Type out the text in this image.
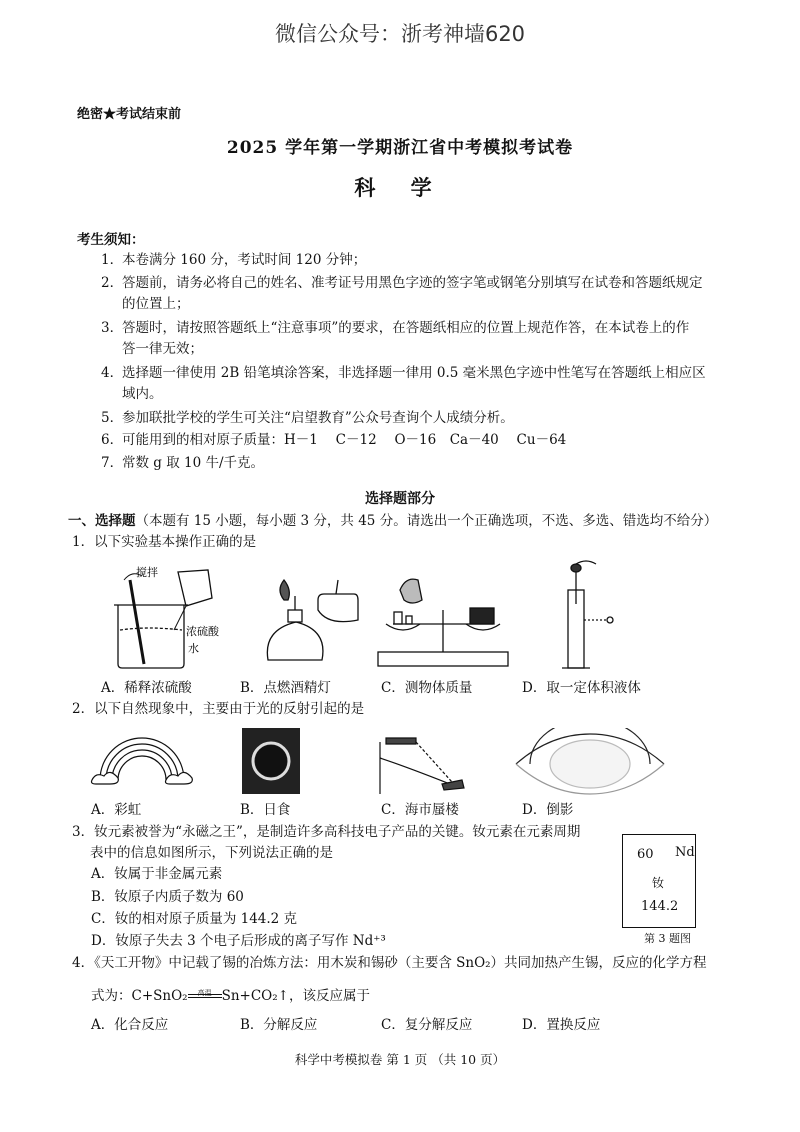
微信公众号：浙考神墙620
绝密★考试结束前
2025 学年第一学期浙江省中考模拟考试卷
科 学
考生须知：
1．
本卷满分 160 分，考试时间 120 分钟；
2．
答题前，请务必将自己的姓名、准考证号用黑色字迹的签字笔或钢笔分别填写在试卷和答题纸规定
的位置上；
3．
答题时，请按照答题纸上“注意事项”的要求，在答题纸相应的位置上规范作答，在本试卷上的作
答一律无效；
4．
选择题一律使用 2B 铅笔填涂答案，非选择题一律用 0.5 毫米黑色字迹中性笔写在答题纸上相应区
域内。
5．
参加联批学校的学生可关注“启望教育”公众号查询个人成绩分析。
6．
可能用到的相对原子质量：H－1　 C－12　 O－16　Ca－40　 Cu－64
7．
常数 g 取 10 牛/千克。
选择题部分
一、选择题（本题有 15 小题，每小题 3 分，共 45 分。请选出一个正确选项，不选、多选、错选均不给分）
1．以下实验基本操作正确的是
搅拌
浓硫酸
水
A．稀释浓硫酸	B．点燃酒精灯	C．测物体质量	D．取一定体积液体
2．以下自然现象中，主要由于光的反射引起的是
A．彩虹	B．日食	C．海市蜃楼	D．倒影
3．钕元素被誉为“永磁之王”，是制造许多高科技电子产品的关键。钕元素在元素周期
表中的信息如图所示，下列说法正确的是
A．钕属于非金属元素
B．钕原子内质子数为 60
C．钕的相对原子质量为 144.2 克
D．钕原子失去 3 个电子后形成的离子写作 Nd⁺³
60 Nd
钕
144.2
第 3 题图
4．《天工开物》中记载了锡的冶炼方法：用木炭和锡砂（主要含 SnO₂）共同加热产生锡，反应的化学方程
式为：C+SnO₂	高温 Sn+CO₂↑，该反应属于
A．化合反应	B．分解反应	C．复分解反应	D．置换反应
科学中考模拟卷 第 1 页 （共 10 页）
